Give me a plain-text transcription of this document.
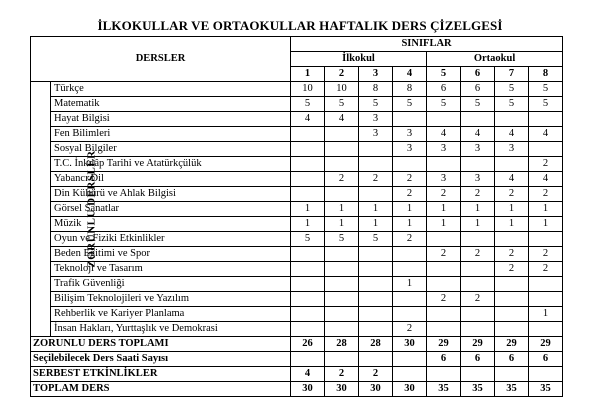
İLKOKULLAR VE ORTAOKULLAR HAFTALIK DERS ÇİZELGESİ
DERSLER		SINIFLAR							
		İlkokul				Ortaokul			
		1	2	3	4	5	6	7	8
ZORUNLU DERSLER	Türkçe	10	10	8	8	6	6	5	5
	Matematik	5	5	5	5	5	5	5	5
	Hayat Bilgisi	4	4	3					
	Fen Bilimleri			3	3	4	4	4	4
	Sosyal Bilgiler				3	3	3	3	
	T.C. İnkılâp Tarihi ve Atatürkçülük								2
	Yabancı Dil		2	2	2	3	3	4	4
	Din Kültürü ve Ahlak Bilgisi				2	2	2	2	2
	Görsel Sanatlar	1	1	1	1	1	1	1	1
	Müzik	1	1	1	1	1	1	1	1
	Oyun ve Fiziki Etkinlikler	5	5	5	2				
	Beden Eğitimi ve Spor					2	2	2	2
	Teknoloji ve Tasarım							2	2
	Trafik Güvenliği				1				
	Bilişim Teknolojileri ve Yazılım					2	2		
	Rehberlik ve Kariyer Planlama								1
	İnsan Hakları, Yurttaşlık ve Demokrasi				2				
ZORUNLU DERS TOPLAMI		26	28	28	30	29	29	29	29
Seçilebilecek Ders Saati Sayısı						6	6	6	6
SERBEST ETKİNLİKLER		4	2	2					
TOPLAM DERS		30	30	30	30	35	35	35	35
